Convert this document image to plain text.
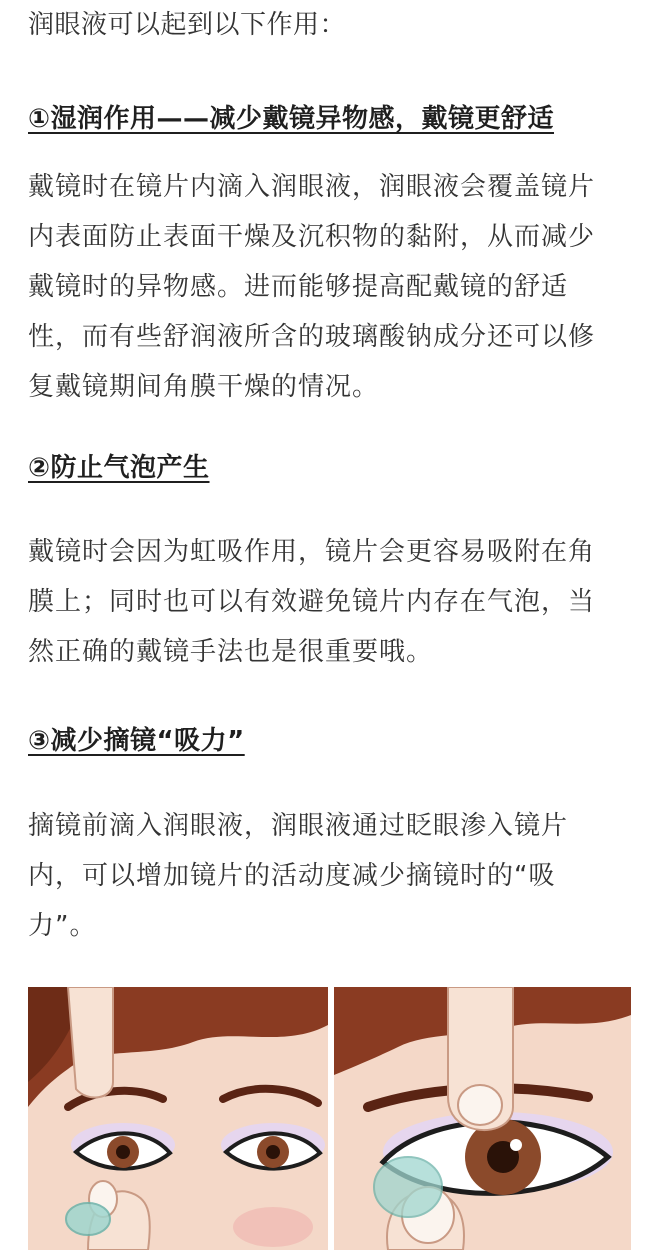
润眼液可以起到以下作用：

①湿润作用——减少戴镜异物感，戴镜更舒适

戴镜时在镜片内滴入润眼液，润眼液会覆盖镜片
内表面防止表面干燥及沉积物的黏附，从而减少
戴镜时的异物感。进而能够提高配戴镜的舒适
性，而有些舒润液所含的玻璃酸钠成分还可以修
复戴镜期间角膜干燥的情况。

②防止气泡产生

戴镜时会因为虹吸作用，镜片会更容易吸附在角
膜上；同时也可以有效避免镜片内存在气泡，当
然正确的戴镜手法也是很重要哦。

③减少摘镜“吸力”

摘镜前滴入润眼液，润眼液通过眨眼渗入镜片
内，可以增加镜片的活动度减少摘镜时的“吸
力”。
